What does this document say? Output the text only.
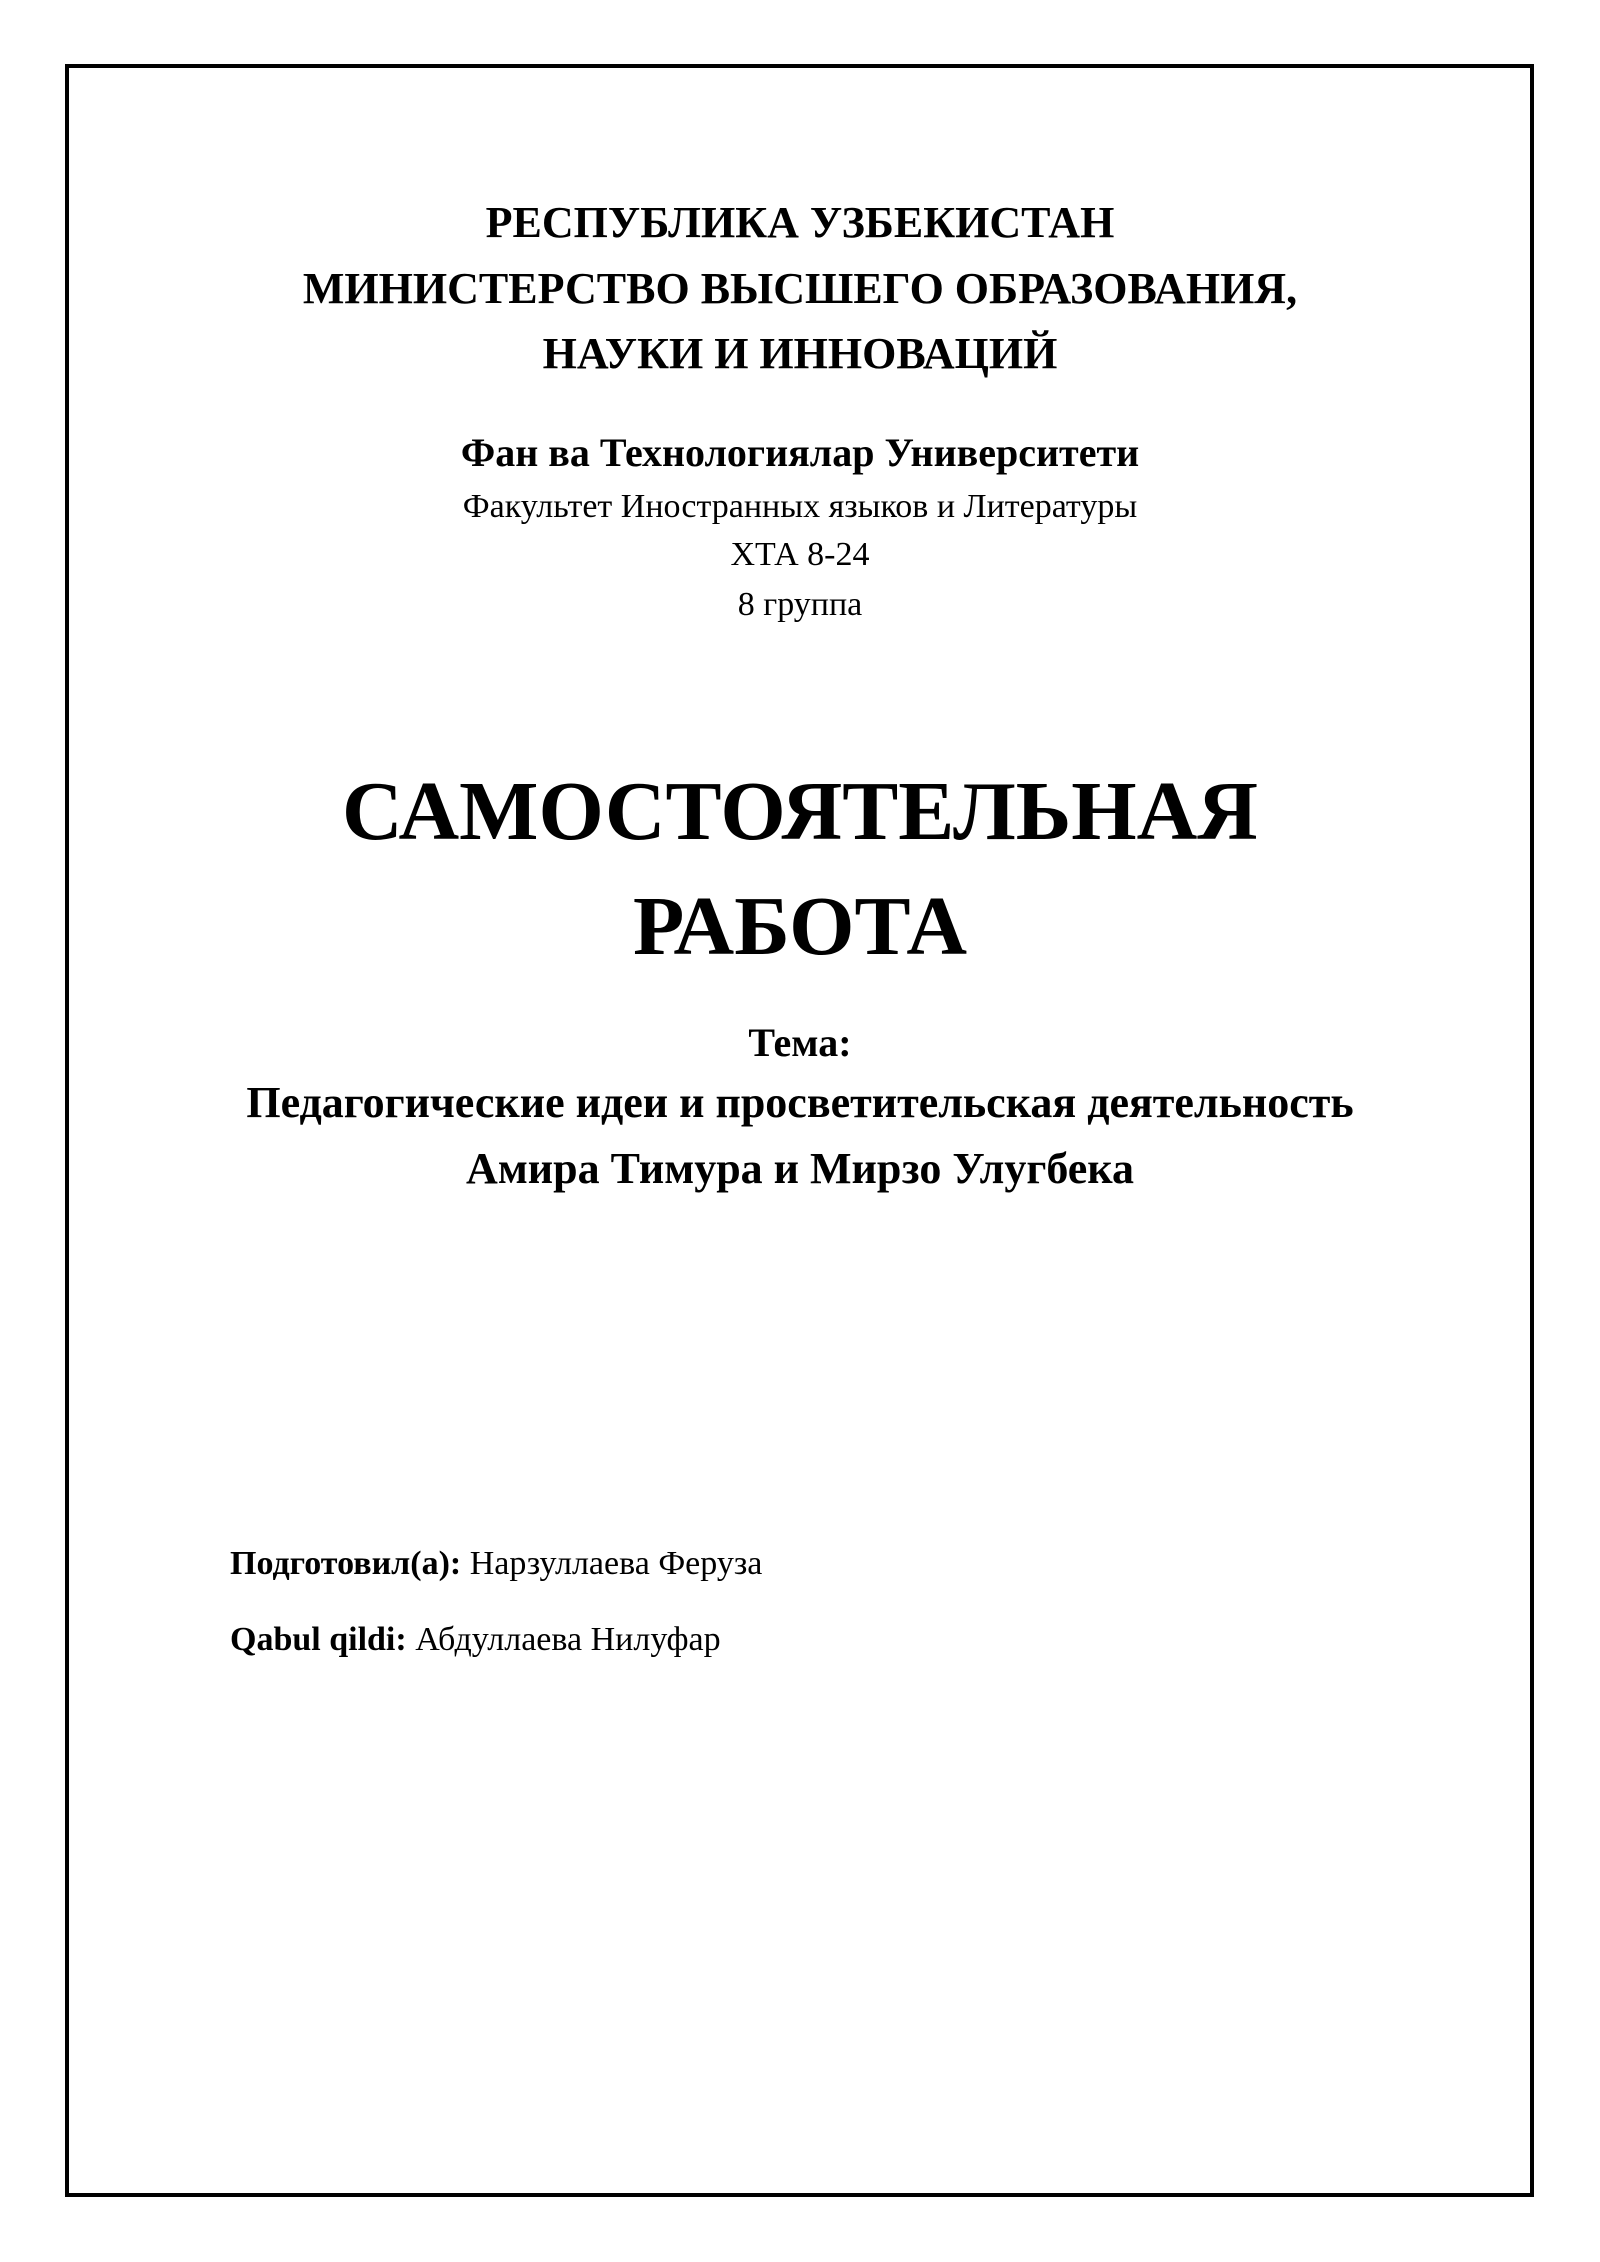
РЕСПУБЛИКА УЗБЕКИСТАН
МИНИСТЕРСТВО ВЫСШЕГО ОБРАЗОВАНИЯ,
НАУКИ И ИННОВАЦИЙ
Фан ва Технологиялар Университети
Факультет Иностранных языков и Литературы
ХТА 8-24
8 группа
САМОСТОЯТЕЛЬНАЯ
РАБОТА
Тема:
Педагогические идеи и просветительская деятельность
Амира Тимура и Мирзо Улугбека
Подготовил(а): Нарзуллаева Феруза
Qabul qildi: Абдуллаева Нилуфар
